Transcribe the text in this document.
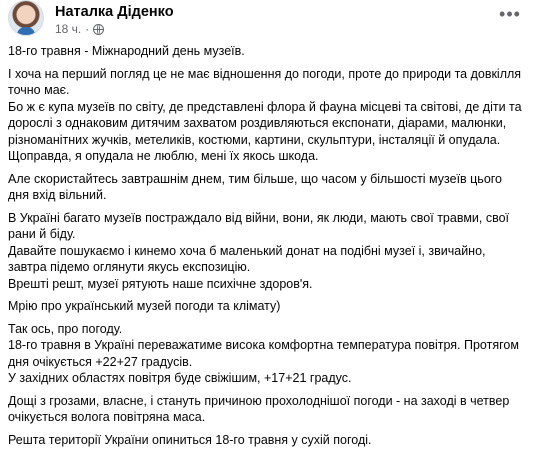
Наталка Діденко
18 ч. ·
•••

18-го травня - Міжнародний день музеїв.

І хоча на перший погляд це не має відношення до погоди, проте до природи та довкілля точно має.
Бо ж є купа музеїв по світу, де представлені флора й фауна місцеві та світові, де діти та дорослі з однаковим дитячим захватом роздивляються експонати, діарами, малюнки, різноманітних жучків, метеликів, костюми, картини, скульптури, інсталяції й опудала.
Щоправда, я опудала не люблю, мені їх якось шкода.

Але скористайтесь завтрашнім днем, тим більше, що часом у більшості музеїв цього дня вхід вільний.

В Україні багато музеїв постраждало від війни, вони, як люди, мають свої травми, свої рани й біду.
Давайте пошукаємо і кинемо хоча б маленький донат на подібні музеї і, звичайно, завтра підемо оглянути якусь експозицію.
Врешті решт, музеї рятують наше психічне здоров'я.

Мрію про український музей погоди та клімату)

Так ось, про погоду.
18-го травня в Україні переважатиме висока комфортна температура повітря. Протягом дня очікується +22+27 градусів.
У західних областях повітря буде свіжішим, +17+21 градус.

Дощі з грозами, власне, і стануть причиною прохолоднішої погоди - на заході в четвер очікується волога повітряна маса.

Решта території України опиниться 18-го травня у сухій погоді.
